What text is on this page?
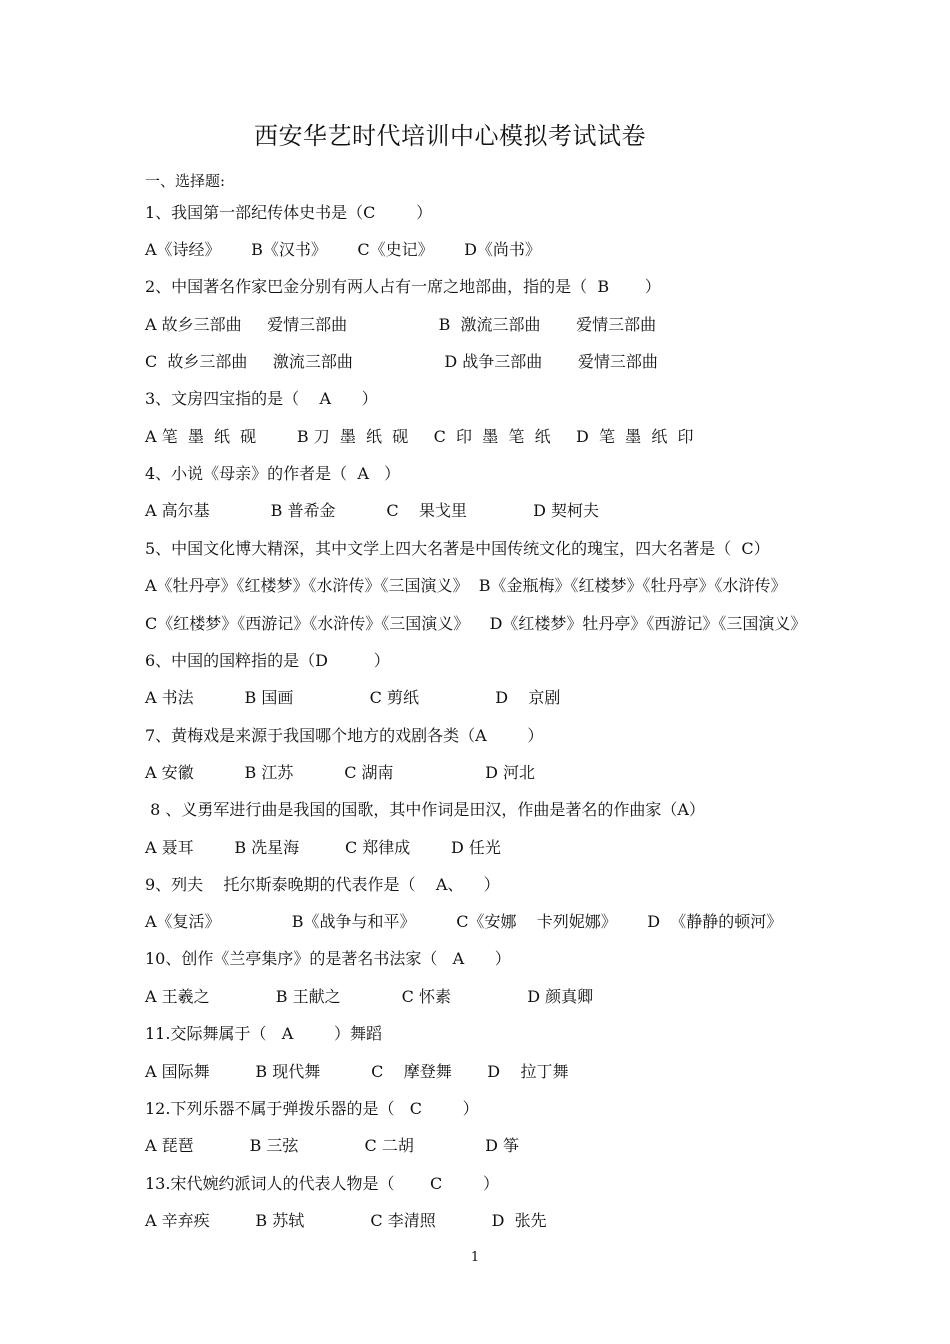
西安华艺时代培训中心模拟考试试卷

一、选择题:

1、我国第一部纪传体史书是（C        ）

A《诗经》      B《汉书》      C《史记》      D《尚书》

2、中国著名作家巴金分别有两人占有一席之地部曲，指的是（  B       ）

A 故乡三部曲     爱情三部曲                  B  激流三部曲       爱情三部曲

C  故乡三部曲     激流三部曲                  D 战争三部曲       爱情三部曲

3、文房四宝指的是（    A      ）

A 笔  墨  纸  砚        B 刀  墨  纸  砚     C  印  墨  笔  纸     D  笔  墨  纸  印

4、小说《母亲》的作者是（  A   ）

A 高尔基            B 普希金          C    果戈里             D 契柯夫

5、中国文化博大精深，其中文学上四大名著是中国传统文化的瑰宝，四大名著是（  C）

A《牡丹亭》《红楼梦》《水浒传》《三国演义》  B《金瓶梅》《红楼梦》《牡丹亭》《水浒传》

C《红楼梦》《西游记》《水浒传》《三国演义》    D《红楼梦》牡丹亭》《西游记》《三国演义》

6、中国的国粹指的是（D         ）

A 书法          B 国画               C 剪纸               D    京剧

7、黄梅戏是来源于我国哪个地方的戏剧各类（A        ）

A 安徽          B 江苏          C 湖南                  D 河北

8 、义勇军进行曲是我国的国歌，其中作词是田汉，作曲是著名的作曲家（A）

A 聂耳        B 冼星海         C 郑律成        D 任光

9、列夫    托尔斯泰晚期的代表作是（    A、    ）

A《复活》              B《战争与和平》        C《安娜    卡列妮娜》      D  《静静的顿河》

10、创作《兰亭集序》的是著名书法家（   A      ）

A 王羲之             B 王献之            C 怀素               D 颜真卿

11.交际舞属于（   A        ）舞蹈

A 国际舞         B 现代舞          C    摩登舞       D    拉丁舞

12.下列乐器不属于弹拨乐器的是（   C        ）

A 琵琶           B 三弦             C 二胡              D 筝

13.宋代婉约派词人的代表人物是（       C        ）

A 辛弃疾         B 苏轼             C 李清照           D  张先

1
